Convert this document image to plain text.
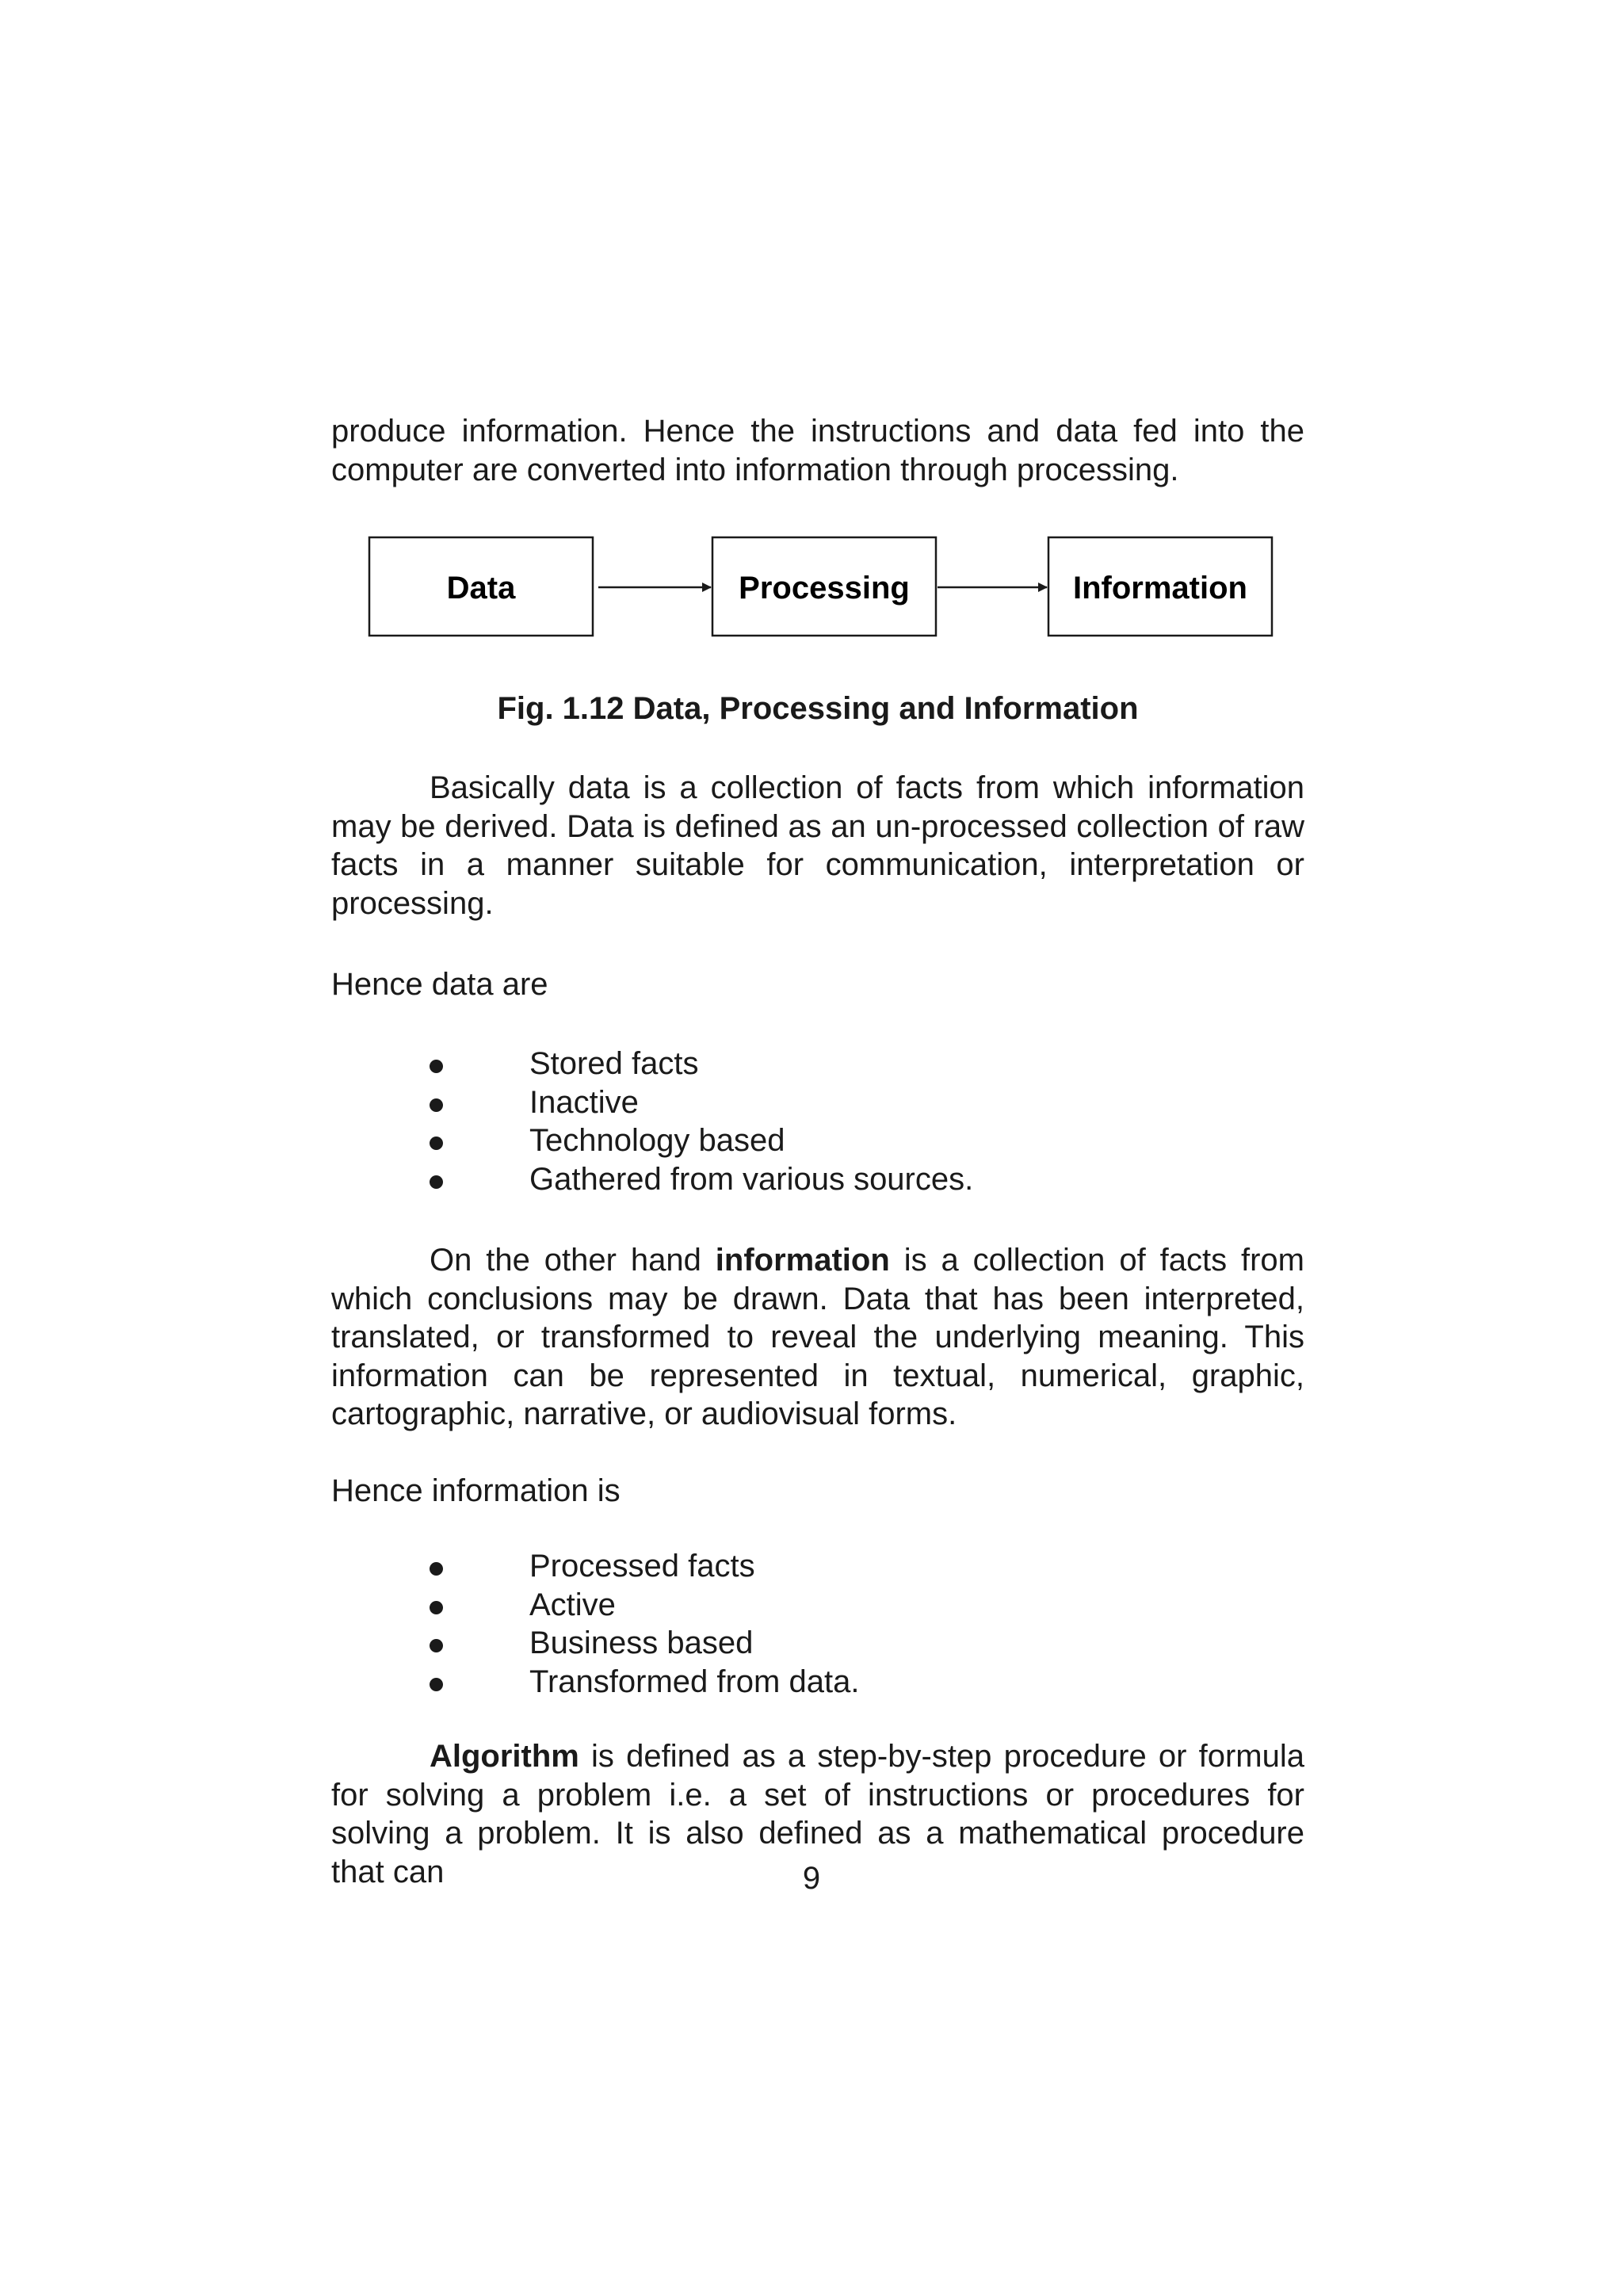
produce information. Hence the instructions and data fed into the computer are converted into information through processing.

Data	Processing	Information

Fig. 1.12 Data, Processing and Information

Basically data is a collection of facts from which information may be derived. Data is defined as an un-processed collection of raw facts in a manner suitable for communication, interpretation or processing.

Hence data are

Stored facts
Inactive
Technology based
Gathered from various sources.

On the other hand information is a collection of facts from which conclusions may be drawn. Data that has been interpreted, translated, or transformed to reveal the underlying meaning. This information can be represented in textual, numerical, graphic, cartographic, narrative, or audiovisual forms.

Hence information is

Processed facts
Active
Business based
Transformed from data.

Algorithm is defined as a step-by-step procedure or formula for solving a problem i.e. a set of instructions or procedures for solving a problem. It is also defined as a mathematical procedure that can	9
